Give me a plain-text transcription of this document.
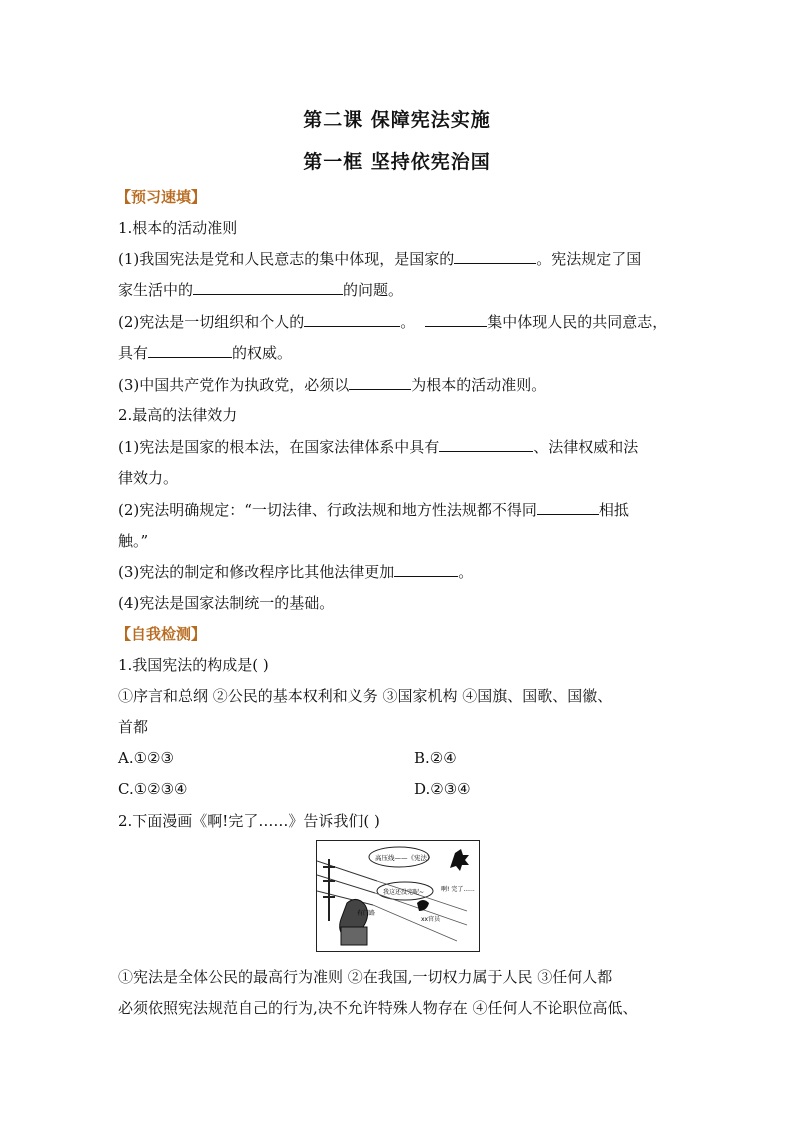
第二课 保障宪法实施
第一框 坚持依宪治国
【预习速填】
1.根本的活动准则
(1)我国宪法是党和人民意志的集中体现，是国家的	。宪法规定了国
家生活中的	的问题。
(2)宪法是一切组织和个人的	。	集中体现人民的共同意志，
具有	的权威。
(3)中国共产党作为执政党，必须以	为根本的活动准则。
2.最高的法律效力
(1)宪法是国家的根本法，在国家法律体系中具有	、法律权威和法
律效力。
(2)宪法明确规定：“一切法律、行政法规和地方性法规都不得同	相抵
触。”
(3)宪法的制定和修改程序比其他法律更加	。
(4)宪法是国家法制统一的基础。
【自我检测】
1.我国宪法的构成是( )
①序言和总纲 ②公民的基本权利和义务 ③国家机构 ④国旗、国歌、国徽、
首都
A.①②③	B.②④
C.①②③④	D.②③④
2.下面漫画《啊!完了……》告诉我们( )
高压线——《宪法》
我这还没完呢~	啊! 完了......
xx官员
有门路
①宪法是全体公民的最高行为准则 ②在我国,一切权力属于人民 ③任何人都
必须依照宪法规范自己的行为,决不允许特殊人物存在 ④任何人不论职位高低、
